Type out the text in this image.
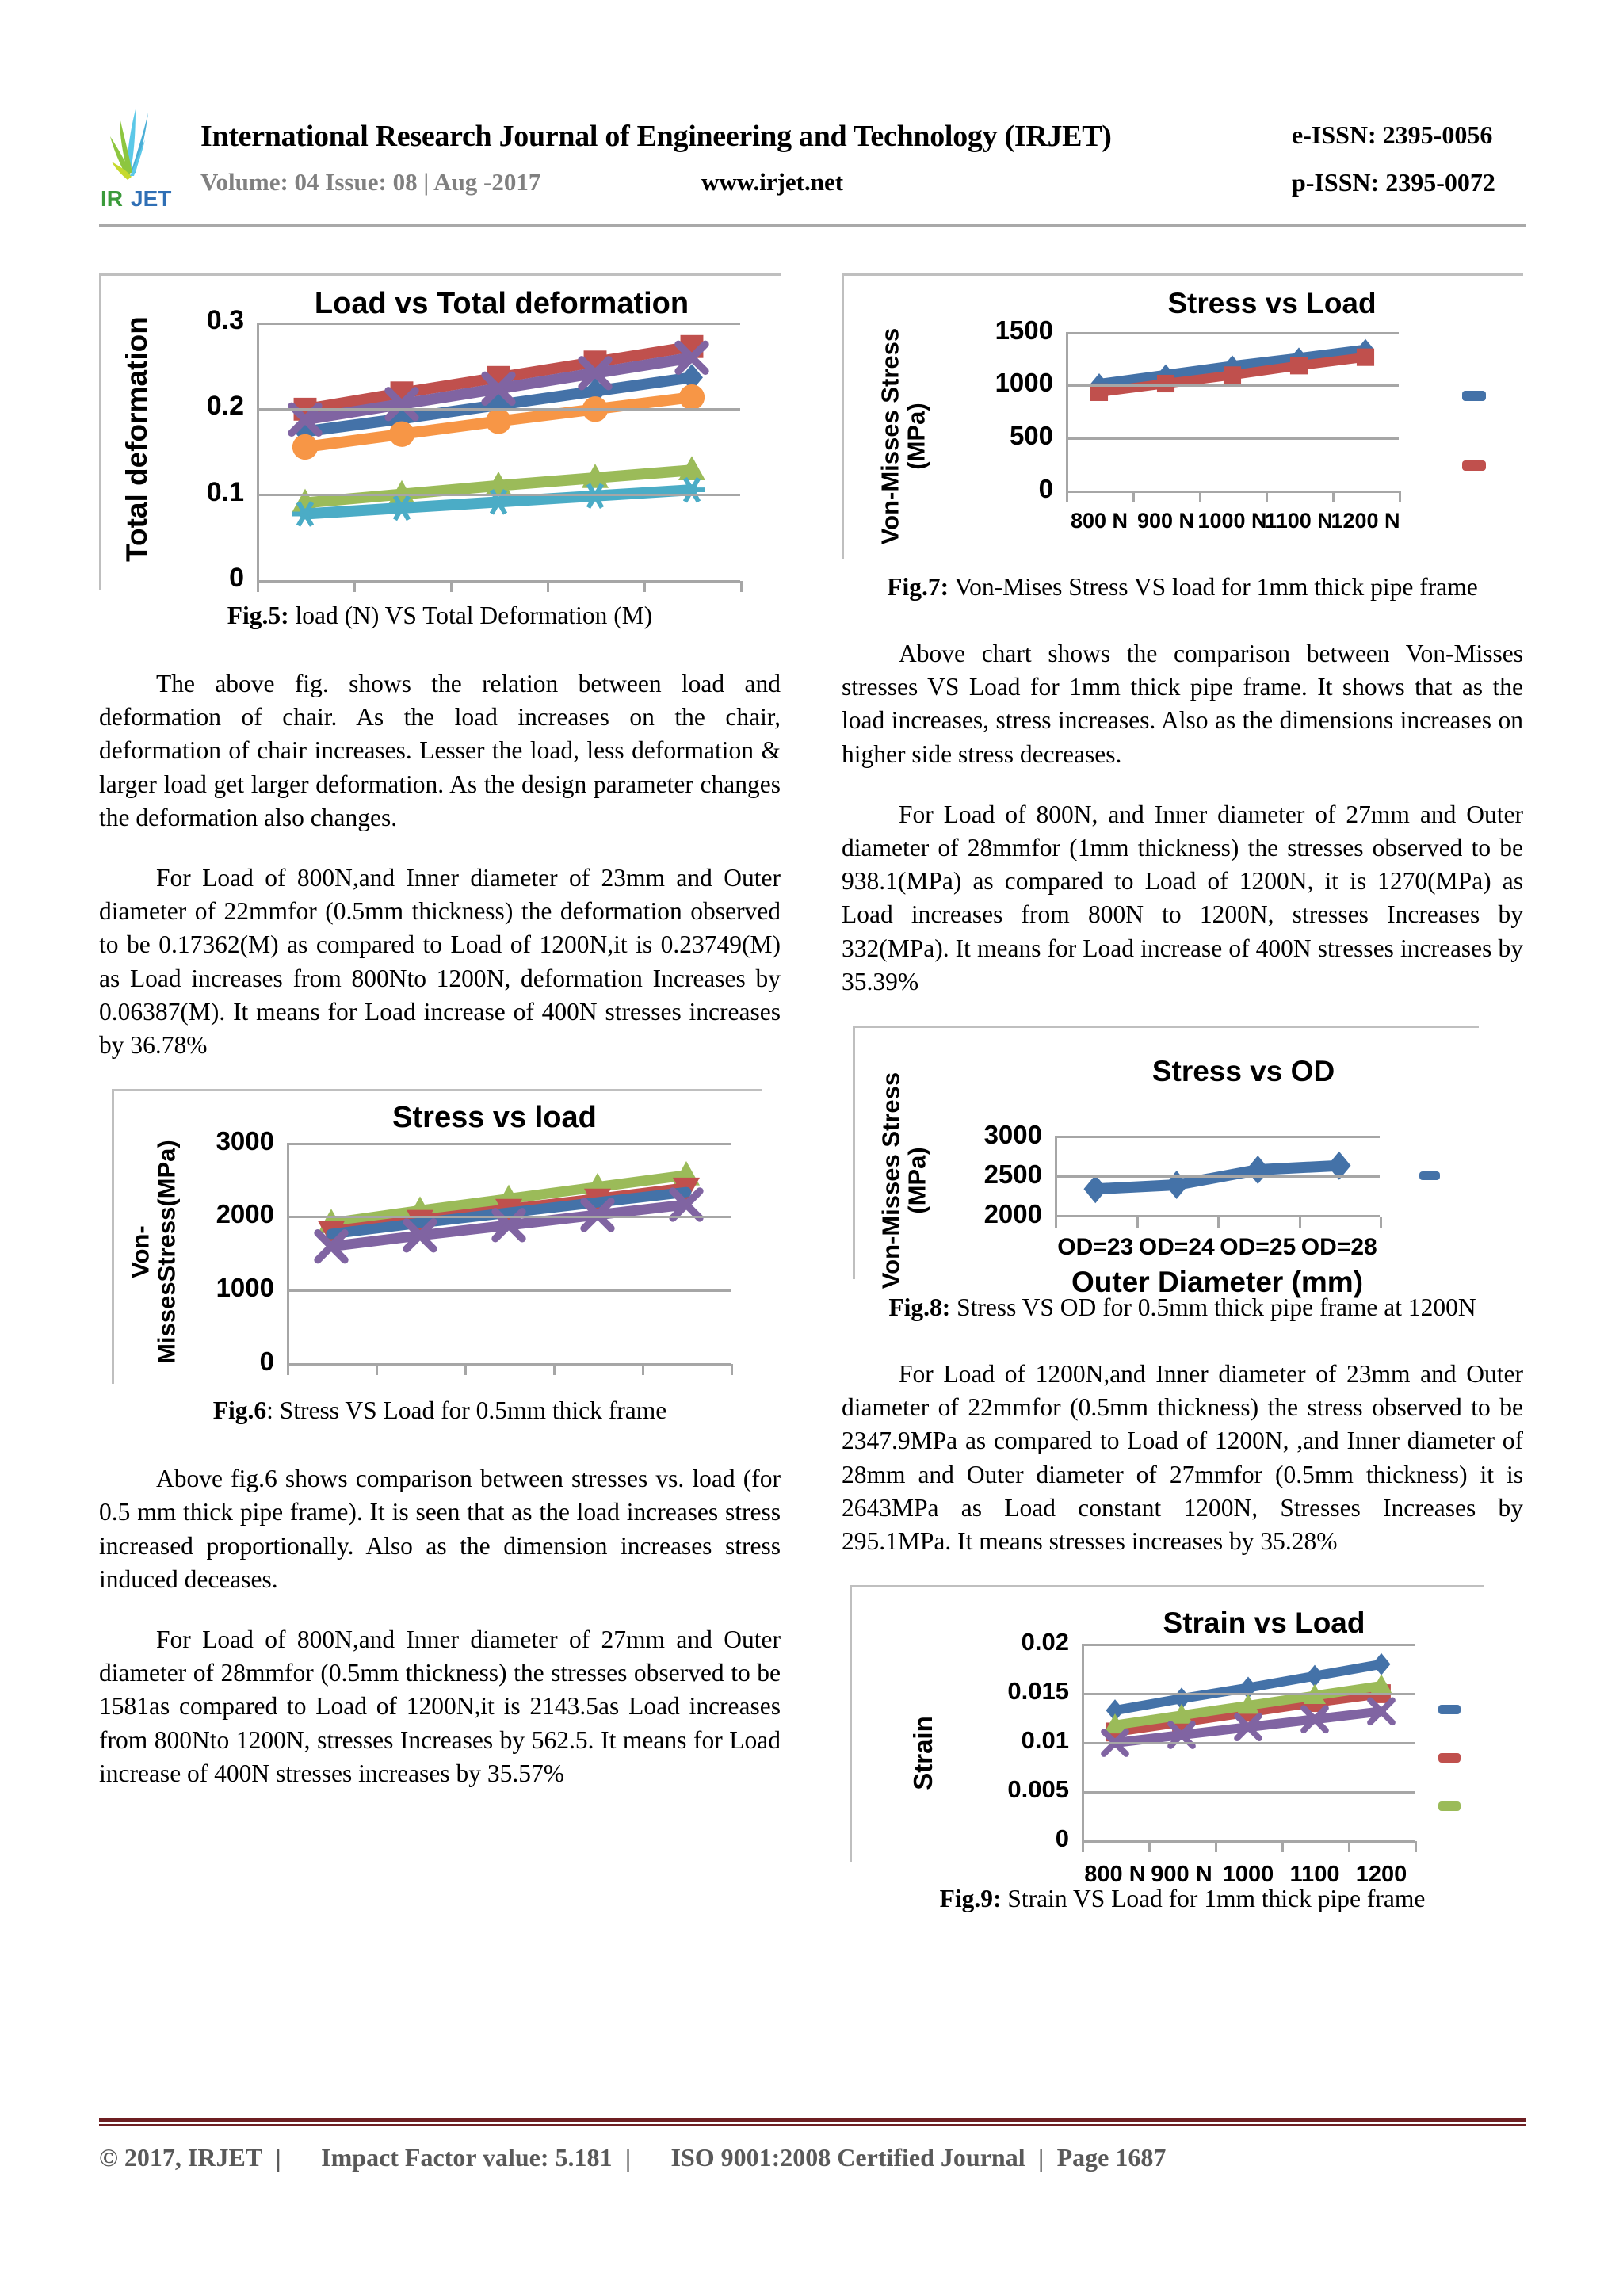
IR JET
International Research Journal of Engineering and Technology (IRJET)	e-ISSN: 2395-0056
Volume: 04 Issue: 08 | Aug -2017	www.irjet.net	p-ISSN: 2395-0072
Load vs Total deformation
Total deformation
0
0.1
0.2
0.3
Fig.5: load (N) VS Total Deformation (M)

The above fig. shows the relation between load and deformation of chair. As the load increases on the chair, deformation of chair increases. Lesser the load, less deformation & larger load get larger deformation. As the design parameter changes the deformation also changes.

For Load of 800N,and Inner diameter of 23mm and Outer diameter of 22mmfor (0.5mm thickness) the deformation observed to be 0.17362(M) as compared to Load of 1200N,it is 0.23749(M) as Load increases from 800Nto 1200N, deformation Increases by 0.06387(M). It means for Load increase of 400N stresses increases by 36.78%

Stress vs load
Von-MissesStress(MPa)	0
1000
2000
3000
Fig.6: Stress VS Load for 0.5mm thick frame

Above fig.6 shows comparison between stresses vs. load (for 0.5 mm thick pipe frame). It is seen that as the load increases stress increased proportionally. Also as the dimension increases stress induced deceases.

For Load of 800N,and Inner diameter of 27mm and Outer diameter of 28mmfor (0.5mm thickness) the stresses observed to be 1581as compared to Load of 1200N,it is 2143.5as Load increases from 800Nto 1200N, stresses Increases by 562.5. It means for Load increase of 400N stresses increases by 35.57%

Stress vs Load
Von-Misses Stress (MPa)
0
500
1000
1500
800 N 900 N 1000 N
1100 N
1200 N
Fig.7: Von-Mises Stress VS load for 1mm thick pipe frame

Above chart shows the comparison between Von-Misses stresses VS Load for 1mm thick pipe frame. It shows that as the load increases, stress increases. Also as the dimensions increases on higher side stress decreases.

For Load of 800N, and Inner diameter of 27mm and Outer diameter of 28mmfor (1mm thickness) the stresses observed to be 938.1(MPa) as compared to Load of 1200N, it is 1270(MPa) as Load increases from 800N to 1200N, stresses Increases by 332(MPa). It means for Load increase of 400N stresses increases by 35.39%

Stress vs OD
Von-Misses Stress (MPa)
Outer Diameter (mm)
2000
2500
3000
OD=23 OD=24 OD=25 OD=28
Fig.8: Stress VS OD for 0.5mm thick pipe frame at 1200N

For Load of 1200N,and Inner diameter of 23mm and Outer diameter of 22mmfor (0.5mm thickness) the stress observed to be 2347.9MPa as compared to Load of 1200N, ,and Inner diameter of 28mm and Outer diameter of 27mmfor (0.5mm thickness) it is 2643MPa as Load constant 1200N, Stresses Increases by 295.1MPa. It means stresses increases by 35.28%

Strain vs Load
Strain
0
0.005
0.01
0.015
0.02
800 N 900 N 1000 1100 1200
Fig.9: Strain VS Load for 1mm thick pipe frame
© 2017, IRJET | Impact Factor value: 5.181 | ISO 9001:2008 Certified Journal | Page 1687
